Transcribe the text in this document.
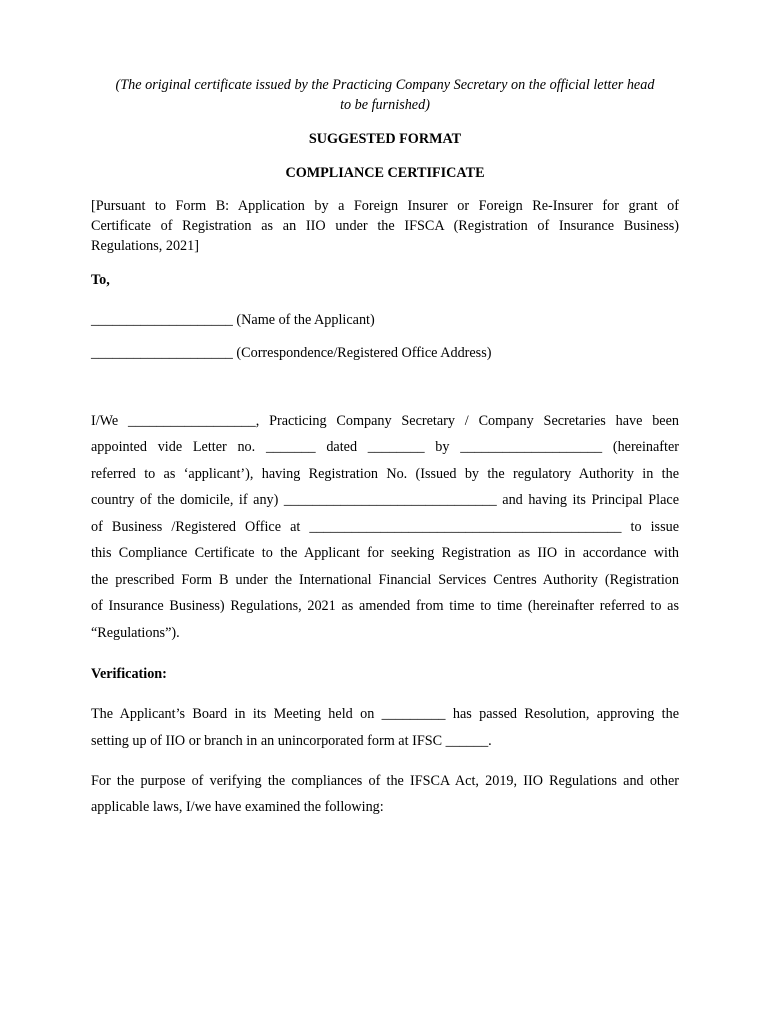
(The original certificate issued by the Practicing Company Secretary on the official letter head
to be furnished)
SUGGESTED FORMAT
COMPLIANCE CERTIFICATE
[Pursuant to Form B: Application by a Foreign Insurer or Foreign Re-Insurer for grant of
Certificate of Registration as an IIO under the IFSCA (Registration of Insurance Business)
Regulations, 2021]
To,
____________________ (Name of the Applicant)
____________________ (Correspondence/Registered Office Address)
I/We __________________, Practicing Company Secretary / Company Secretaries have been
appointed vide Letter no. _______ dated ________ by ____________________ (hereinafter
referred to as ‘applicant’), having Registration No. (Issued by the regulatory Authority in the
country of the domicile, if any) ______________________________ and having its Principal Place
of Business /Registered Office at ____________________________________________ to issue
this Compliance Certificate to the Applicant for seeking Registration as IIO in accordance with
the prescribed Form B under the International Financial Services Centres Authority (Registration
of Insurance Business) Regulations, 2021 as amended from time to time (hereinafter referred to as
“Regulations”).
Verification:
The Applicant’s Board in its Meeting held on _________ has passed Resolution, approving the
setting up of IIO or branch in an unincorporated form at IFSC ______.
For the purpose of verifying the compliances of the IFSCA Act, 2019, IIO Regulations and other
applicable laws, I/we have examined the following:
